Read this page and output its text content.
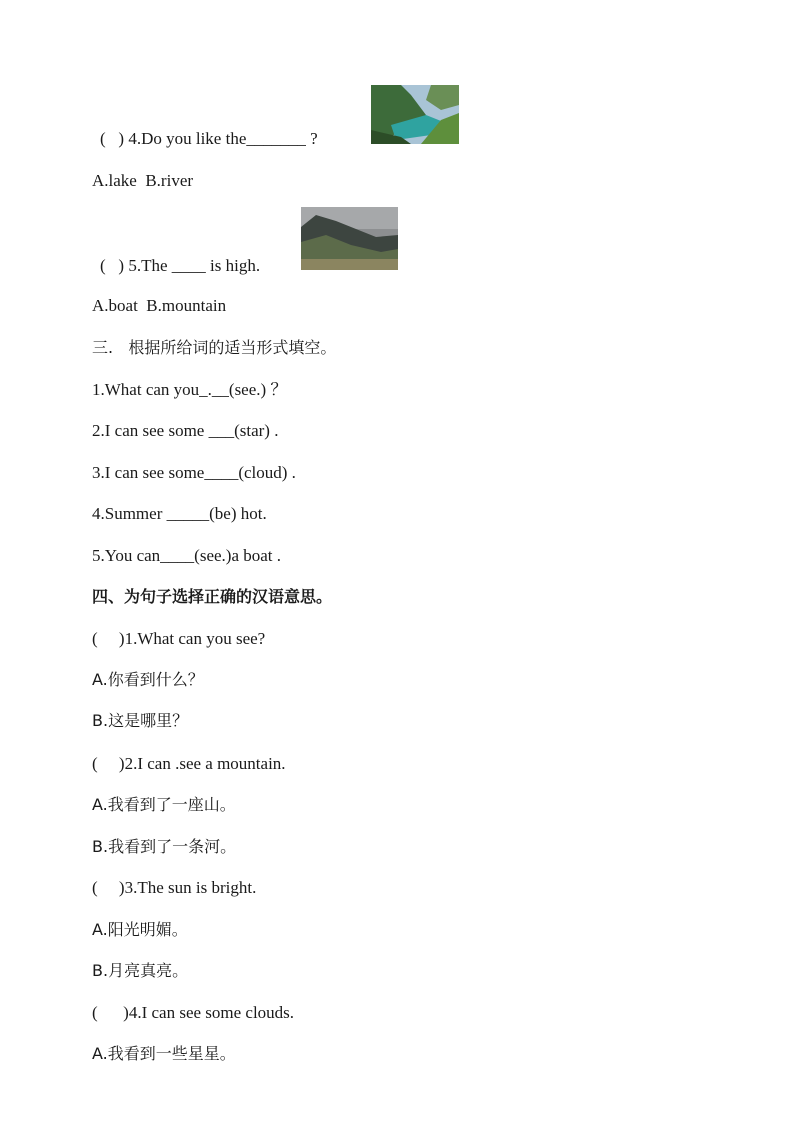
(   ) 4.Do you like the_______ ?
A.lake  B.river
(   ) 5.The ____ is high.
A.boat  B.mountain
三.   根据所给词的适当形式填空。
1.What can you_.__(see.) ？
2.I can see some ___(star) .
3.I can see some____(cloud) .
4.Summer _____(be) hot.
5.You can____(see.)a boat .
四、为句子选择正确的汉语意思。
(     )1.What can you see?
A.你看到什么？
B.这是哪里？
(     )2.I can .see a mountain.
A.我看到了一座山。
B.我看到了一条河。
(     )3.The sun is bright.
A.阳光明媚。
B.月亮真亮。
(      )4.I can see some clouds.
A.我看到一些星星。
